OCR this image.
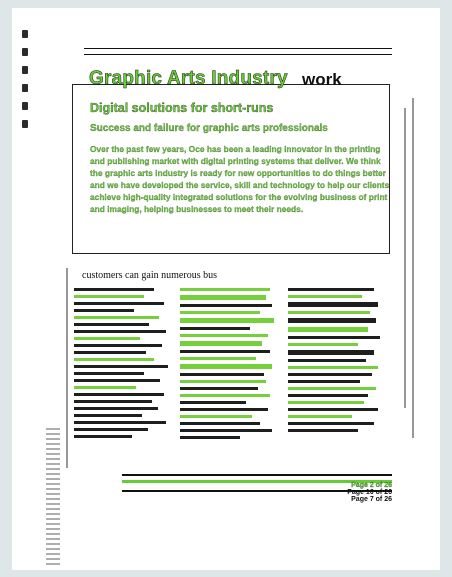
Graphic Arts Industry work
Digital solutions for short-runs

Success and failure for graphic arts professionals

Over the past few years, Oce has been a leading innovator in the printing and publishing market with digital printing systems that deliver. We think the graphic arts industry is ready for new opportunities to do things better and we have developed the service, skill and technology to help our clients achieve high-quality integrated solutions for the evolving business of print and imaging, helping businesses to meet their needs.

customers can gain numerous bus
Page 2 of 26
Page 10 of 26
Page 7 of 26
